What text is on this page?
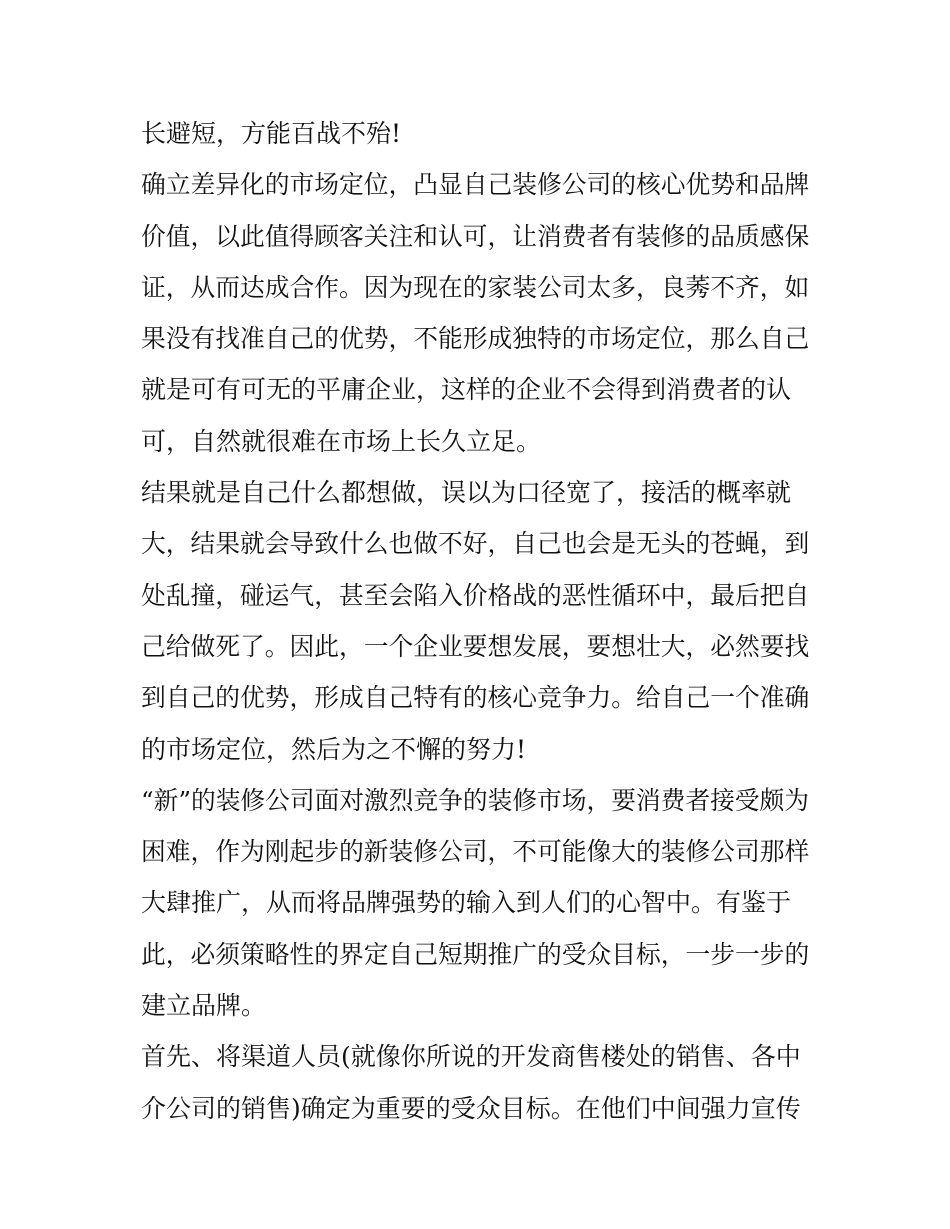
长避短，方能百战不殆!
确立差异化的市场定位，凸显自己装修公司的核心优势和品牌
价值，以此值得顾客关注和认可，让消费者有装修的品质感保
证，从而达成合作。因为现在的家装公司太多，良莠不齐，如
果没有找准自己的优势，不能形成独特的市场定位，那么自己
就是可有可无的平庸企业，这样的企业不会得到消费者的认
可，自然就很难在市场上长久立足。
结果就是自己什么都想做，误以为口径宽了，接活的概率就
大，结果就会导致什么也做不好，自己也会是无头的苍蝇，到
处乱撞，碰运气，甚至会陷入价格战的恶性循环中，最后把自
己给做死了。因此，一个企业要想发展，要想壮大，必然要找
到自己的优势，形成自己特有的核心竞争力。给自己一个准确
的市场定位，然后为之不懈的努力!
“新”的装修公司面对激烈竞争的装修市场，要消费者接受颇为
困难，作为刚起步的新装修公司，不可能像大的装修公司那样
大肆推广，从而将品牌强势的输入到人们的心智中。有鉴于
此，必须策略性的界定自己短期推广的受众目标，一步一步的
建立品牌。
首先、将渠道人员(就像你所说的开发商售楼处的销售、各中
介公司的销售)确定为重要的受众目标。在他们中间强力宣传
